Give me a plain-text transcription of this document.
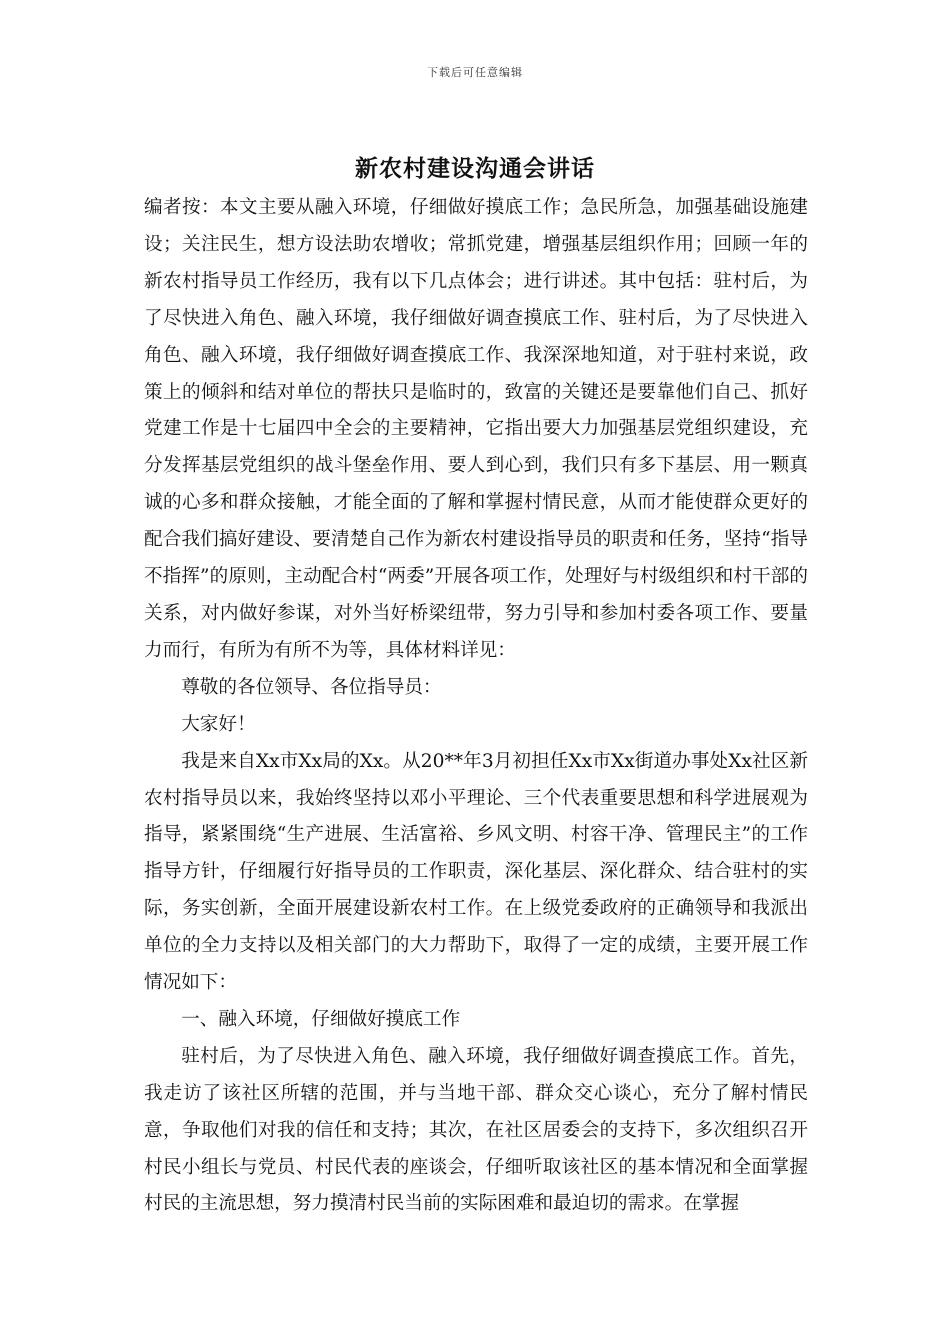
下载后可任意编辑
新农村建设沟通会讲话

编者按：本文主要从融入环境，仔细做好摸底工作；急民所急，加强基础设施建设；关注民生，想方设法助农增收；常抓党建，增强基层组织作用；回顾一年的新农村指导员工作经历，我有以下几点体会；进行讲述。其中包括：驻村后，为了尽快进入角色、融入环境，我仔细做好调查摸底工作、驻村后，为了尽快进入角色、融入环境，我仔细做好调查摸底工作、我深深地知道，对于驻村来说，政策上的倾斜和结对单位的帮扶只是临时的，致富的关键还是要靠他们自己、抓好党建工作是十七届四中全会的主要精神，它指出要大力加强基层党组织建设，充分发挥基层党组织的战斗堡垒作用、要人到心到，我们只有多下基层、用一颗真诚的心多和群众接触，才能全面的了解和掌握村情民意，从而才能使群众更好的配合我们搞好建设、要清楚自己作为新农村建设指导员的职责和任务，坚持“指导不指挥”的原则，主动配合村“两委”开展各项工作，处理好与村级组织和村干部的关系，对内做好参谋，对外当好桥梁纽带，努力引导和参加村委各项工作、要量力而行，有所为有所不为等，具体材料详见：

尊敬的各位领导、各位指导员：

大家好！

我是来自Xx市Xx局的Xx。从20**年3月初担任Xx市Xx街道办事处Xx社区新农村指导员以来，我始终坚持以邓小平理论、三个代表重要思想和科学进展观为指导，紧紧围绕“生产进展、生活富裕、乡风文明、村容干净、管理民主”的工作指导方针，仔细履行好指导员的工作职责，深化基层、深化群众、结合驻村的实际，务实创新，全面开展建设新农村工作。在上级党委政府的正确领导和我派出单位的全力支持以及相关部门的大力帮助下，取得了一定的成绩，主要开展工作情况如下：

一、融入环境，仔细做好摸底工作

驻村后，为了尽快进入角色、融入环境，我仔细做好调查摸底工作。首先，我走访了该社区所辖的范围，并与当地干部、群众交心谈心，充分了解村情民意，争取他们对我的信任和支持；其次，在社区居委会的支持下，多次组织召开村民小组长与党员、村民代表的座谈会，仔细听取该社区的基本情况和全面掌握村民的主流思想，努力摸清村民当前的实际困难和最迫切的需求。在掌握
